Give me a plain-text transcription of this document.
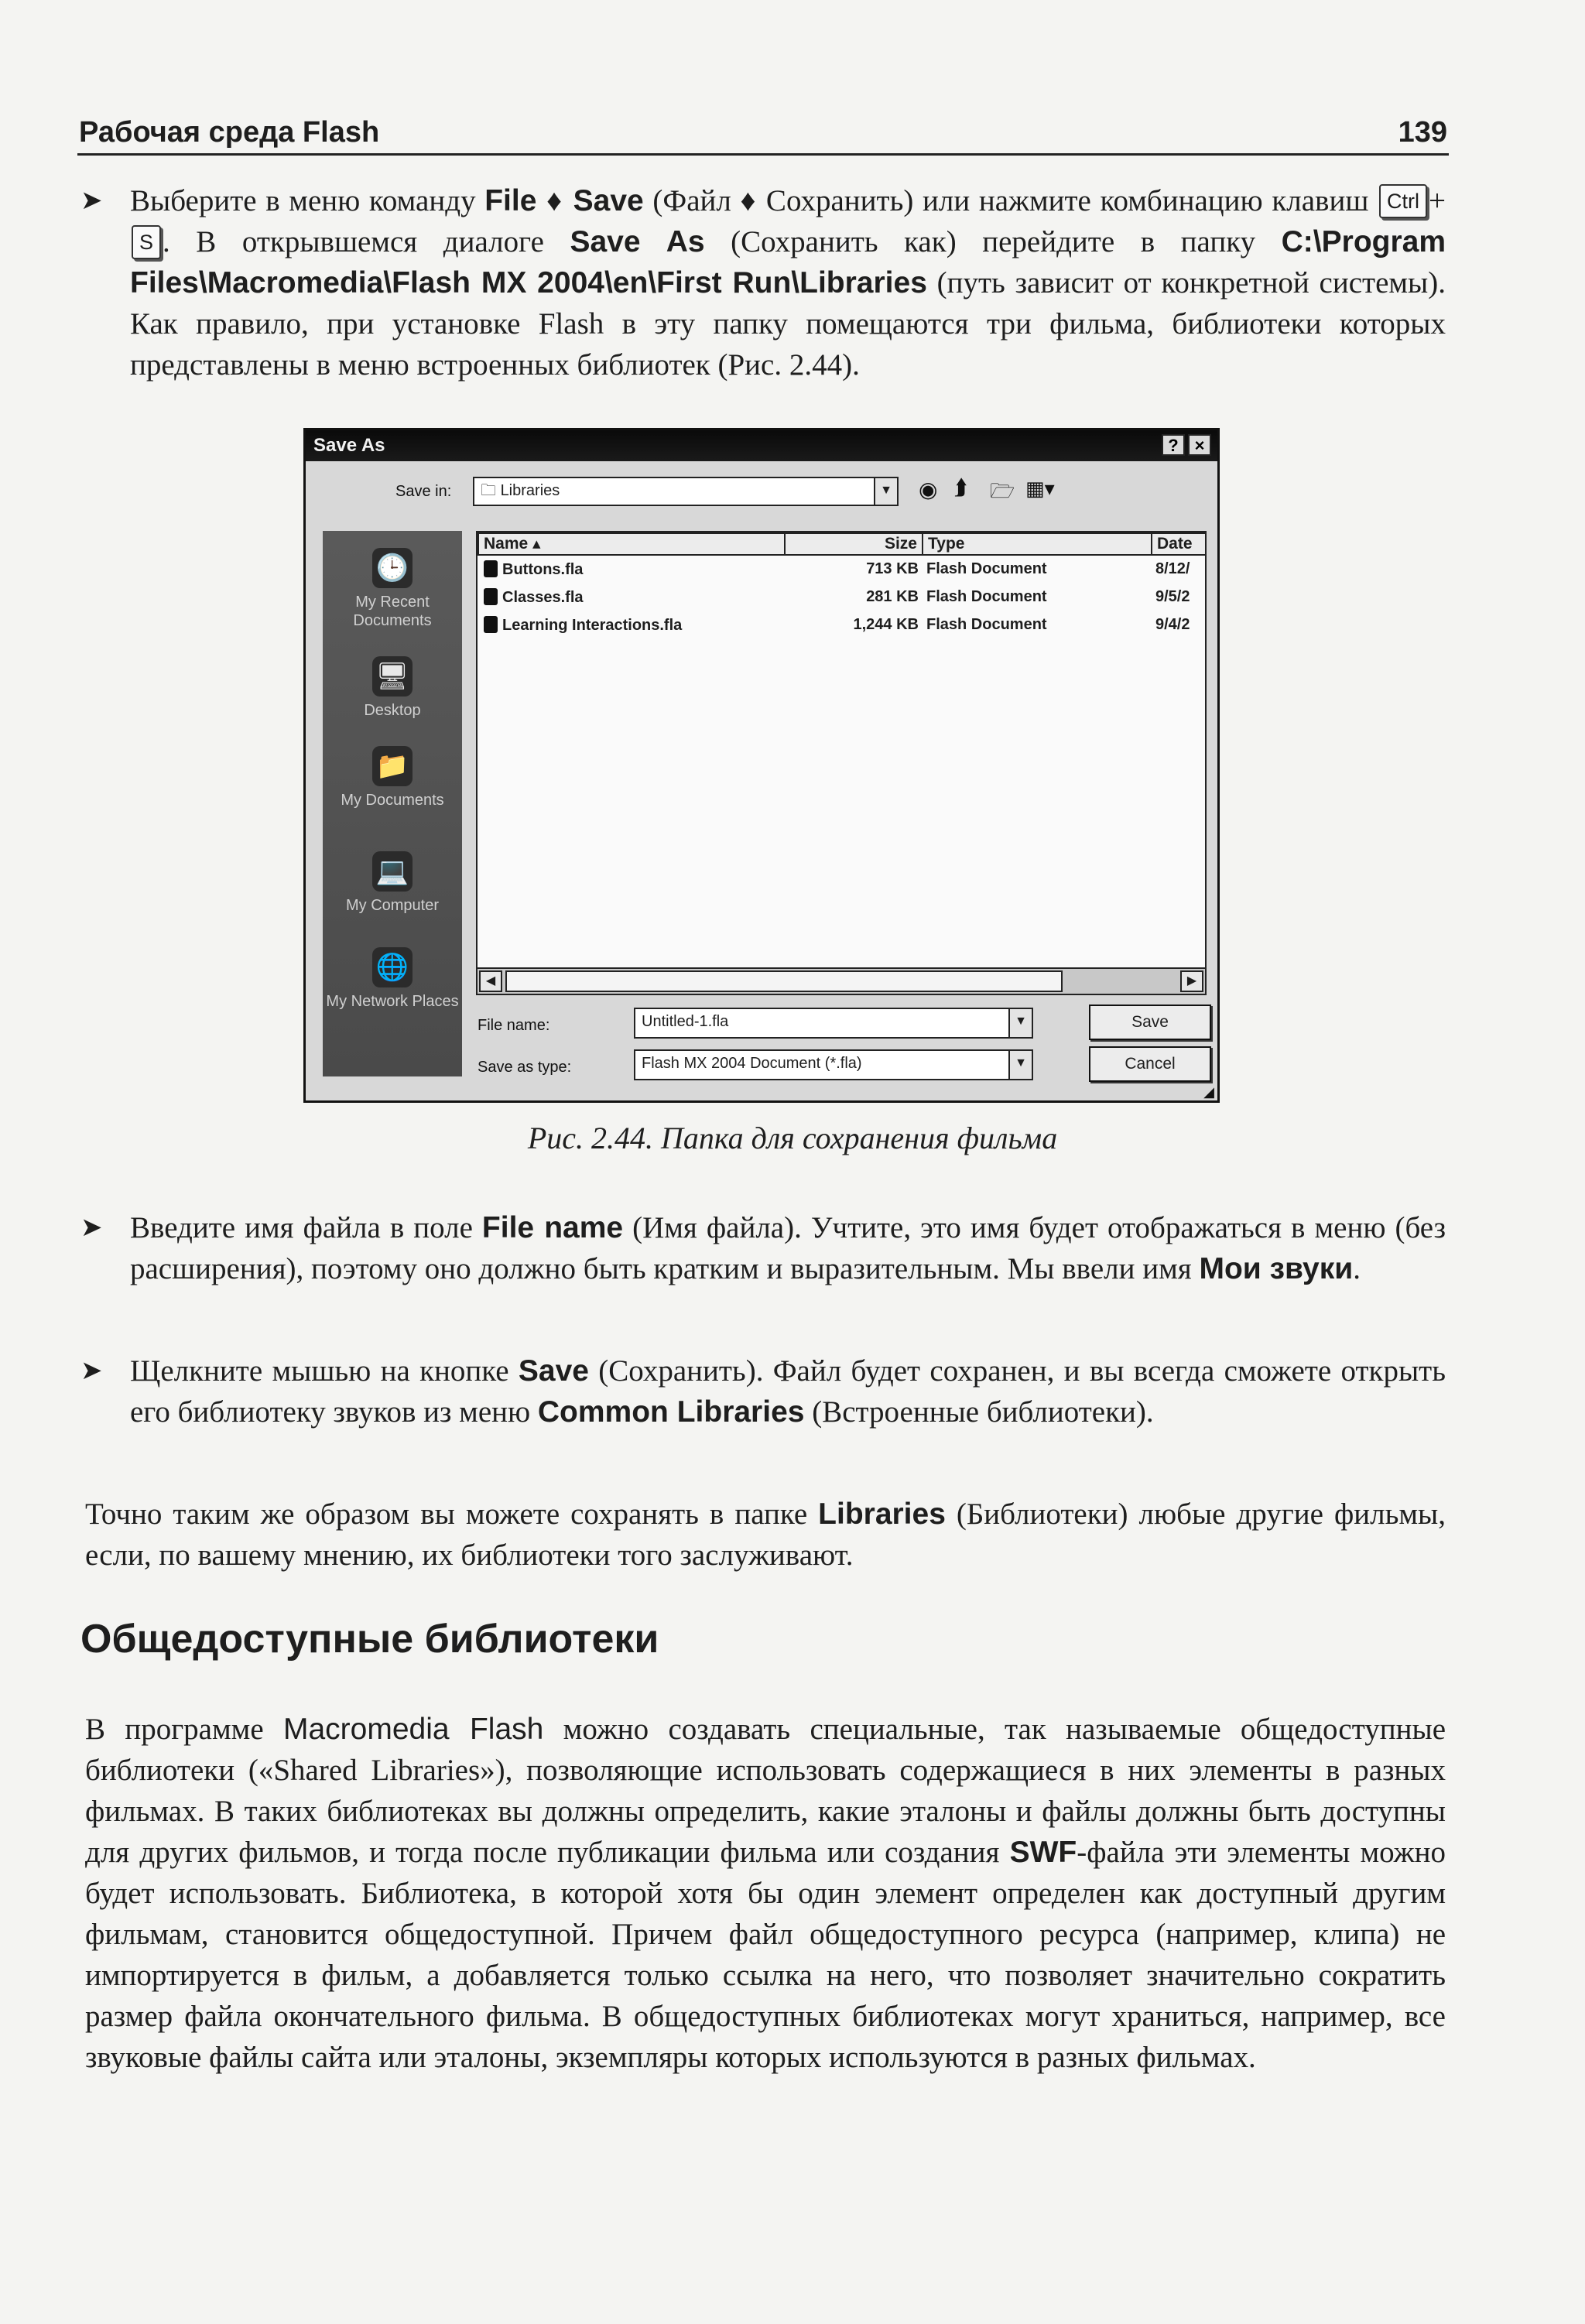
Рабочая среда Flash	139
➤ Выберите в меню команду File ♦ Save (Файл ♦ Сохранить) или нажмите комбинацию клавиш Ctrl +S . В открывшемся диалоге Save As (Сохранить как) перейдите в папку C:\Program Files\Macromedia\Flash MX 2004\en\First Run\Libraries (путь зависит от конкретной системы). Как правило, при установке Flash в эту папку помещаются три фильма, библиотеки которых представлены в меню встроенных библиотек (Рис. 2.44).
Save As	? ×
Save in:	🗀 Libraries	▼ ◉ ⮭ 🗁 ▦▾
🕒
My Recent Documents
🖥
Desktop
📁
My Documents
💻
My Computer
🌐
My Network Places
Name ▴	Size Type	Date
Buttons.fla	713 KB Flash Document	8/12/
Classes.fla	281 KB Flash Document	9/5/2
Learning Interactions.fla	1,244 KB Flash Document	9/4/2
◀	▶
File name:	Untitled-1.fla	▼
Save as type:	Flash MX 2004 Document (*.fla)	▼
Save
Cancel
◢
Рис. 2.44. Папка для сохранения фильма
➤ Введите имя файла в поле File name (Имя файла). Учтите, это имя будет отображаться в меню (без расширения), поэтому оно должно быть кратким и выразительным. Мы ввели имя Мои звуки.
➤ Щелкните мышью на кнопке Save (Сохранить). Файл будет сохранен, и вы всегда сможете открыть его библиотеку звуков из меню Common Libraries (Встроенные библиотеки).
Точно таким же образом вы можете сохранять в папке Libraries (Библиотеки) любые другие фильмы, если, по вашему мнению, их библиотеки того заслуживают.
Общедоступные библиотеки
В программе Macromedia Flash можно создавать специальные, так называемые общедоступные библиотеки («Shared Libraries»), позволяющие использовать содержащиеся в них элементы в разных фильмах. В таких библиотеках вы должны определить, какие эталоны и файлы должны быть доступны для других фильмов, и тогда после публикации фильма или создания SWF-файла эти элементы можно будет использовать. Библиотека, в которой хотя бы один элемент определен как доступный другим фильмам, становится общедоступной. Причем файл общедоступного ресурса (например, клипа) не импортируется в фильм, а добавляется только ссылка на него, что позволяет значительно сократить размер файла окончательного фильма. В общедоступных библиотеках могут храниться, например, все звуковые файлы сайта или эталоны, экземпляры которых используются в разных фильмах.
